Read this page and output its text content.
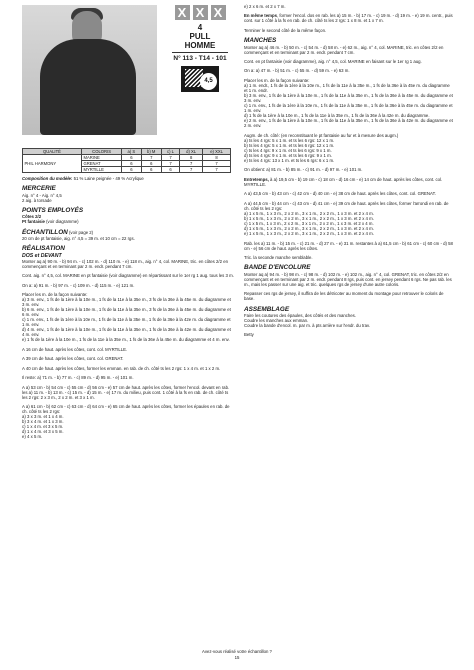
X X X
4
PULL
HOMME
N° 113 - T14 - 101
4,5
QUALITÉ	COLORIS	a) S	b) M	c) L	d) XL	e) XXL
PHIL HARMONY	MARINE	6	7	7	8	8
	GRENAT	6	6	7	7	7
	MYRTILLE	6	6	6	7	7

Composition du modèle: 51 % Laine peignée - 49 % Acrylique

MERCERIE
Aig. n° 4 - Aig. n° 4,5

2 aig. à torsade

POINTS EMPLOYÉS
Côtes 2/2

Pt fantaisie (voir diagramme)

ÉCHANTILLON (voir page 2)

20 cm de pt fantaisie, aig. n° 4,5 = 39 m. et 10 cm = 22 rgs.

RÉALISATION
DOS et DEVANT

Monter aq a) 90 m. - b) 94 m. - c) 102 m. - d) 110 m. - e) 118 m., aig. n° 4, col. MARINE, tric. en côtes 2/2 en commençant et en terminant par 2 m. endr. pendant 7 cm.

Cont. aig. n° 4,5, col. MARINE en pt fantaisie (voir diagramme) en répartissant sur le 1er rg 1 aug. tous les 3 m.

On a: a) 91 m. - b) 97 m. - c) 109 m. - d) 115 m. - e) 121 m.

Placer les m. de la façon suivante:
a) 3 m. env., 1 fs de la 1ère à la 10e m., 1 fs de la 11e à la 35e m., 3 fs de la 36e à la 45e m. du diagramme et 3 m. env.
b) 6 m. env., 1 fs de la 1ère à la 10e m., 1 fs de la 11e à la 35e m., 3 fs de la 36e à la 45e m. du diagramme et 6 m. env.
c) 1 m. env., 1 fs de la 1ère à la 10e m., 1 fs de la 11e à la 35e m., 1 fs de la 36e à la 42e m. du diagramme et 1 m. env.
d) 4 m. env., 1 fs de la 1ère à la 10e m., 1 fs de la 11e à la 35e m., 1 fs de la 36e à la 42e m. du diagramme et 4 m. env.

e) 1 fs de la 1ère à la 10e m., 1 fs de la 11e à la 35e m., 1 fs de la 36e à la 45e m. du diagramme et 4 m. env.

A 16 cm de haut. après les côtes, cont. col. MYRTILLE.

A 39 cm de haut. après les côtes, cont. col. GRENAT.

A 40 cm de haut. après les côtes, former les emman. en rab. de ch. côté ts les 2 rgs: 1 x 4 m. et 1 x 2 m.

Il reste: a) 71 m. - b) 77 m. - c) 89 m. - d) 95 m. - e) 101 m.

A a) 53 cm - b) 54 cm - c) 55 cm - d) 56 cm - e) 57 cm de haut. après les côtes, former l'encol. devant en rab. les a) 11 m. - b) 13 m. - c) 15 m. - d) 15 m. - e) 17 m. du milieu, puis cont. 1 côté à la fs en rab. de ch. côté ts les 2 rgs: 2 x 3 m., 2 x 2 m. et 3 x 1 m.

A a) 61 cm - b) 62 cm - c) 63 cm - d) 64 cm - e) 65 cm de haut. après les côtes, former les épaules en rab. de ch. côté ts les 2 rgs:
a) 3 x 3 m. et 1 x 4 m.
b) 3 x 4 m. et 1 x 3 m.
c) 1 x 4 m. et 3 x 5 m.
d) 1 x 4 m. et 3 x 5 m.
e) 4 x 5 m.

e) 2 x 6 m. et 2 x 7 m.

En même temps, former l'encol. dos en rab. les a) 15 m. - b) 17 m. - c) 19 m. - d) 19 m. - e) 19 m. centr., puis cont. sur 1 côté à la fs en rab. de ch. côté ts les 2 rgs: 1 x 8 m. et 1 x 7 m.

Terminer le second côté de la même façon.

MANCHES

Monter aq a) 46 m. - b) 50 m. - c) 54 m. - d) 58 m. - e) 62 m., aig. n° 4, col. MARINE, tric. en côtes 2/2 en commençant et en terminant par 2 m. endr. pendant 7 cm.

Cont. en pt fantaisie (voir diagramme), aig. n° 4,5, col. MARINE en faisant sur le 1er rg 1 aug.

On a: a) 47 m. - b) 51 m. - c) 55 m. - d) 59 m. - e) 63 m.

Placer les m. de la façon suivante:
a) 1 m. endr., 1 fs de la 1ère à la 10e m., 1 fs de la 11e à la 35e m., 1 fs de la 36e à la 45e m. du diagramme et 1 m. endr.
b) 3 m. env., 1 fs de la 1ère à la 10e m., 1 fs de la 11e à la 35e m., 1 fs de la 36e à la 45e m. du diagramme et 3 m. env.
c) 1 m. env., 1 fs de la 1ère à la 10e m., 1 fs de la 11e à la 35e m., 1 fs de la 36e à la 45e m. du diagramme et 1 m. env.
d) 1 fs de la 1ère à la 10e m., 1 fs de la 11e à la 35e m., 1 fs de la 36e à la 42e m. du diagramme.

e) 2 m. env., 1 fs de la 1ère à la 10e m., 1 fs de la 11e à la 35e m., 1 fs de la 36e à la 42e m. du diagramme et 2 m. env.

Augm. de ch. côté: (en reconstituant le pt fantaisie au fur et à mesure des augm.)
a) ts les 4 rgs: 5 x 1 m. et ts les 6 rgs: 12 x 1 m.
b) ts les 4 rgs: 5 x 1 m. et ts les 6 rgs: 12 x 1 m.
c) ts les 4 rgs: 9 x 1 m. et ts les 6 rgs: 9 x 1 m.
d) ts les 4 rgs: 9 x 1 m. et ts les 6 rgs: 9 x 1 m.

e) ts les 4 rgs: 13 x 1 m. et ts les 6 rgs: 6 x 1 m.

On obtient: a) 81 m. - b) 85 m. - c) 91 m. - d) 97 m. - e) 101 m.

Entretemps, à a) 19,5 cm - b) 19 cm - c) 18 cm - d) 16 cm - e) 14 cm de haut. après les côtes, cont. col. MYRTILLE.

A a) 43,5 cm - b) 43 cm - c) 42 cm - d) 40 cm - e) 38 cm de haut. après les côtes, cont. col. GRENAT.

A a) 44,5 cm - b) 44 cm - c) 43 cm - d) 41 cm - e) 39 cm de haut. après les côtes, former l'arrondi en rab. de ch. côté ts les 2 rgs:
a) 1 x 5 m., 1 x 3 m., 2 x 2 m., 3 x 1 m., 2 x 2 m., 1 x 3 m. et 2 x 4 m.
b) 1 x 5 m., 1 x 3 m., 2 x 2 m., 3 x 1 m., 2 x 2 m., 1 x 3 m. et 2 x 4 m.
c) 1 x 5 m., 1 x 3 m., 2 x 2 m., 3 x 1 m., 2 x 2 m., 1 x 3 m. et 2 x 4 m.
d) 1 x 5 m., 1 x 3 m., 2 x 2 m., 3 x 1 m., 2 x 2 m., 1 x 3 m. et 2 x 4 m.

e) 1 x 5 m., 1 x 3 m., 2 x 2 m., 3 x 1 m., 2 x 2 m., 1 x 3 m. et 2 x 4 m.

Rab. les a) 11 m. - b) 15 m. - c) 21 m. - d) 27 m. - e) 31 m. restantes à a) 61,5 cm - b) 61 cm - c) 60 cm - d) 58 cm - e) 56 cm de haut. après les côtes.

Tric. la seconde manche semblable.

BANDE D'ENCOLURE

Monter aq a) 94 m. - b) 98 m. - c) 98 m. - d) 102 m. - e) 102 m., aig. n° 4, col. GRENAT, tric. en côtes 2/2 en commençant et en terminant par 2 m. endr. pendant 8 rgs, puis cont. en jersey pendant 6 rgs. Ne pas rab. les m., mais les passer sur une aig. et tric. quelques rgs de jersey d'une autre coloris.

Repasser ces rgs de jersey, il suffira de les détricoter au moment du montage pour retrouver le coloris de base.

ASSEMBLAGE
Faire les coutures des épaules, des côtés et des manches.
Coudre les manches aux emman.

Coudre la bande d'encol. m. par m. à pts arrière sur l'endr. du trav.

Betty
Avez-vous réalisé votre échantillon ?
15
